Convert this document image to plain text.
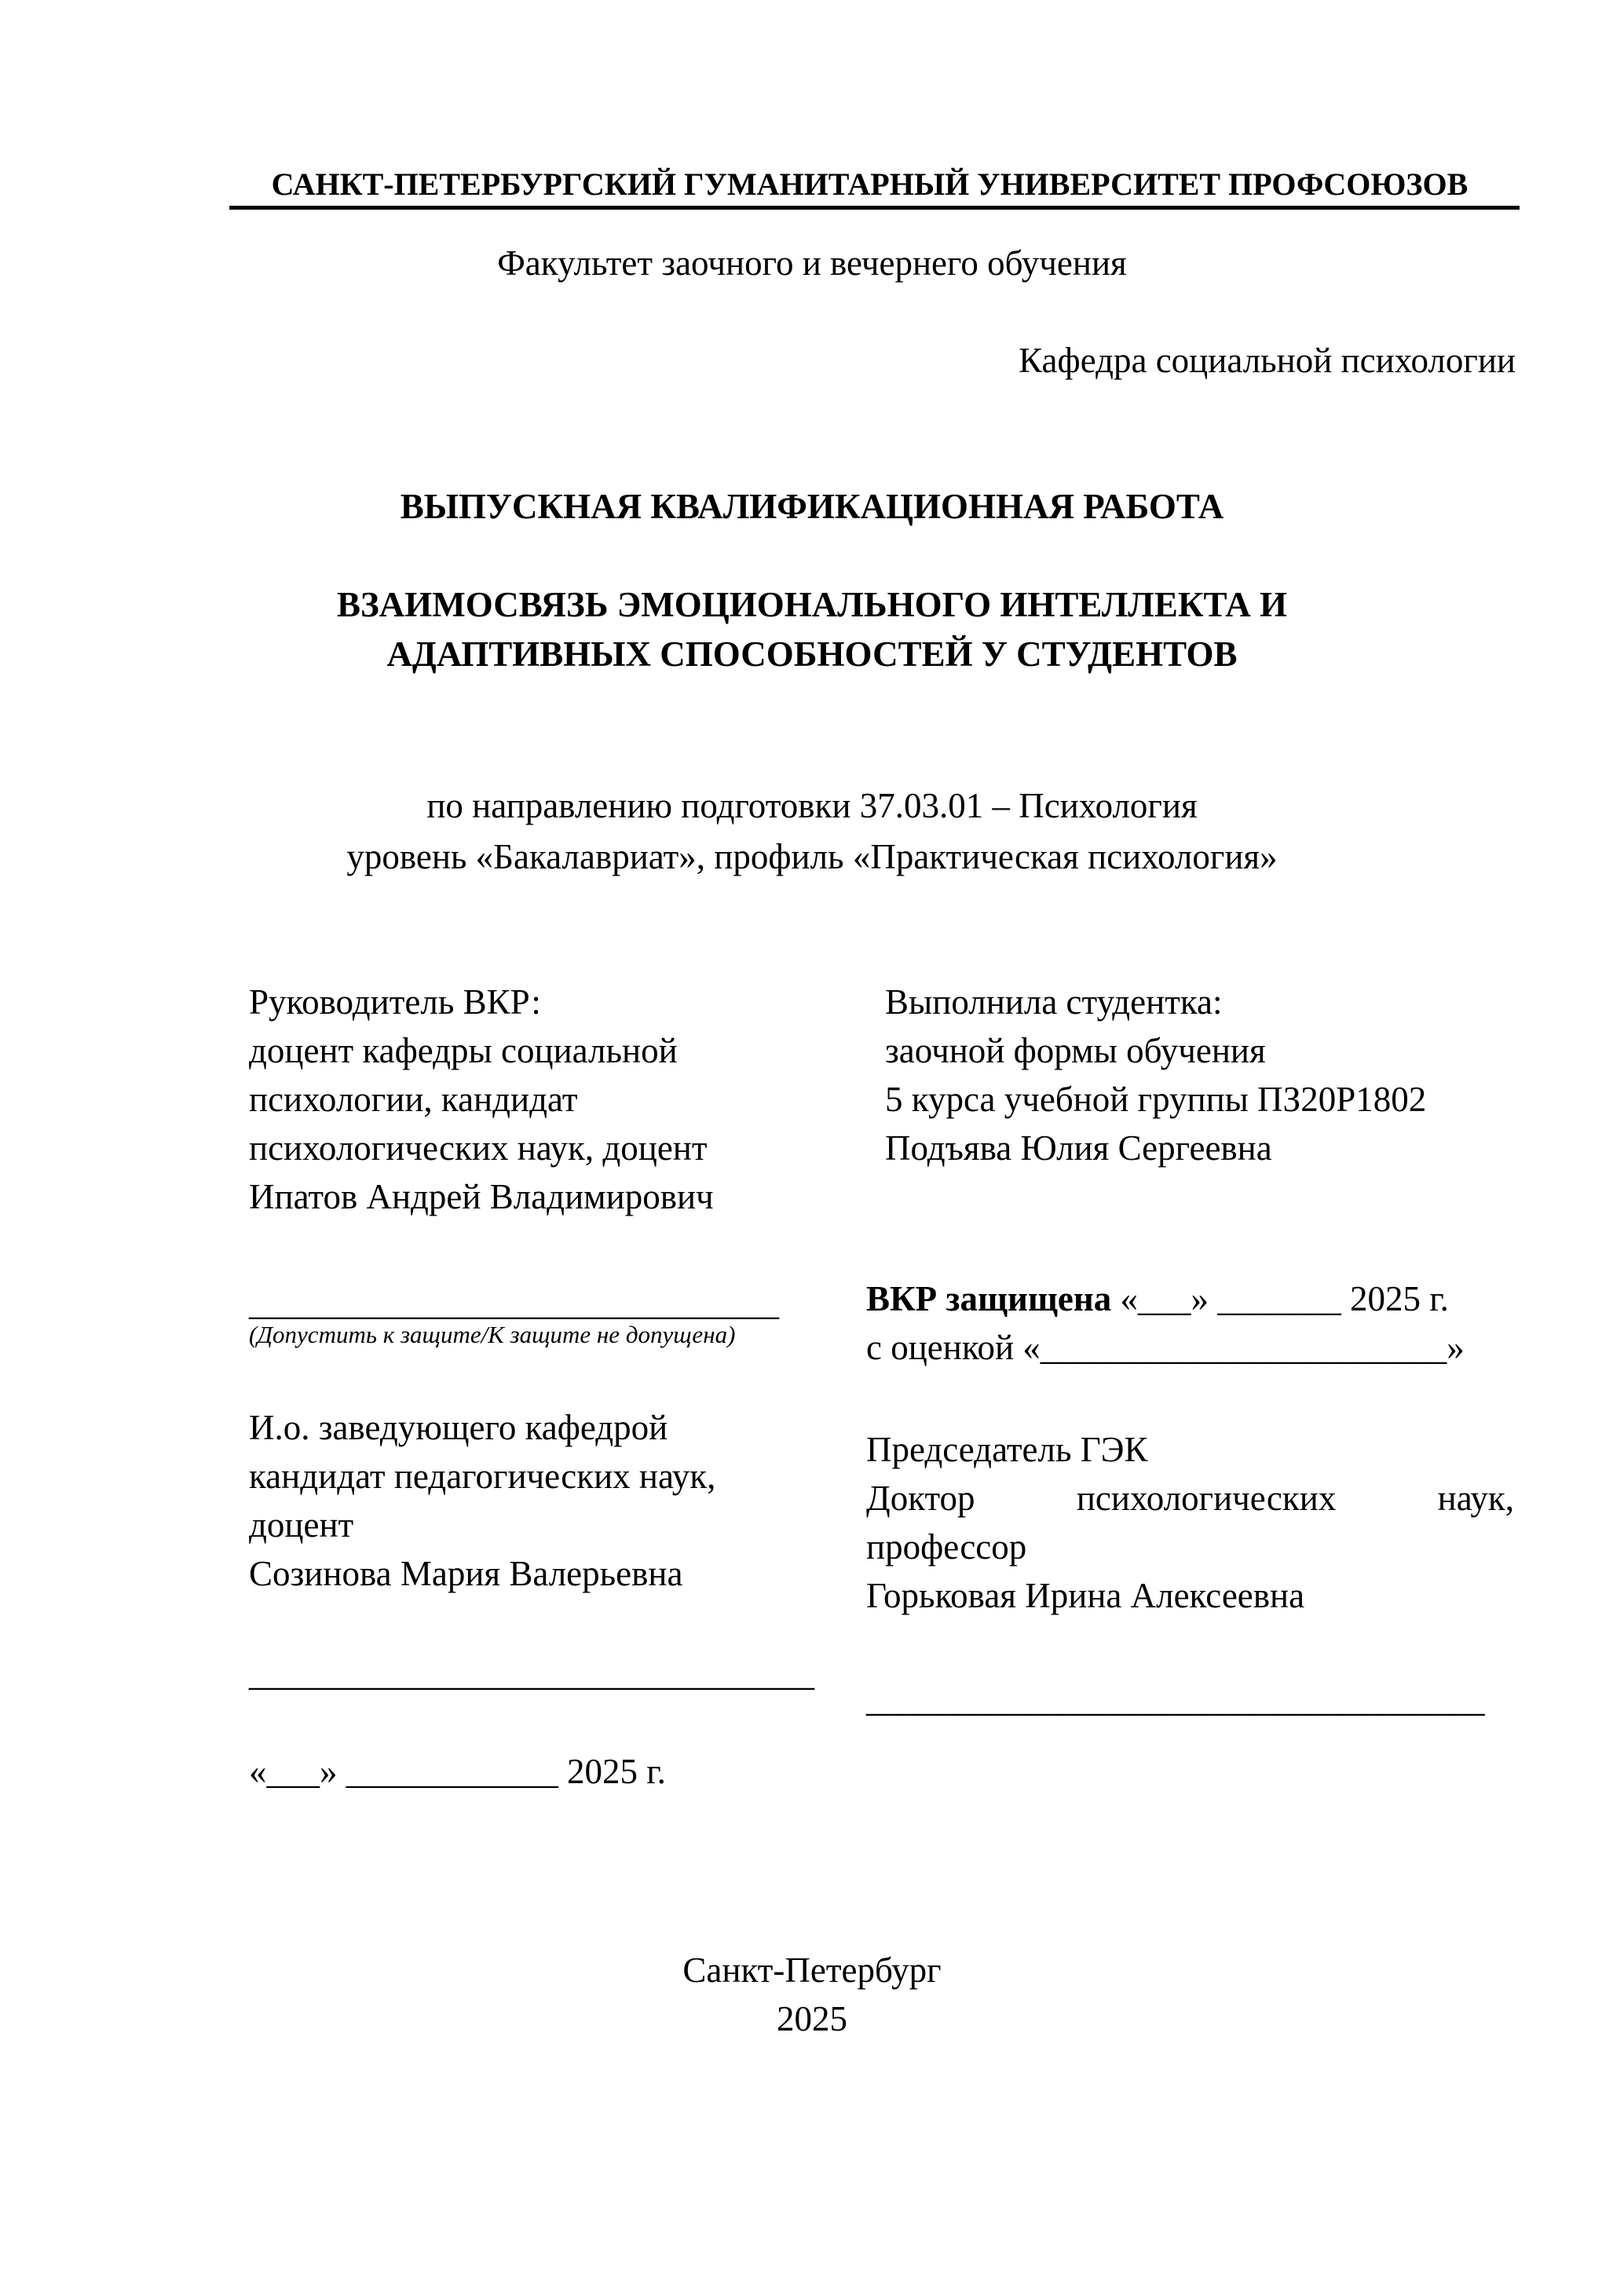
САНКТ-ПЕТЕРБУРГСКИЙ ГУМАНИТАРНЫЙ УНИВЕРСИТЕТ ПРОФСОЮЗОВ
Факультет заочного и вечернего обучения
Кафедра социальной психологии
ВЫПУСКНАЯ КВАЛИФИКАЦИОННАЯ РАБОТА
ВЗАИМОСВЯЗЬ ЭМОЦИОНАЛЬНОГО ИНТЕЛЛЕКТА И
АДАПТИВНЫХ СПОСОБНОСТЕЙ У СТУДЕНТОВ
по направлению подготовки 37.03.01 – Психология
уровень «Бакалавриат», профиль «Практическая психология»
Руководитель ВКР:
доцент кафедры социальной
психологии, кандидат
психологических наук, доцент
Ипатов Андрей Владимирович
Выполнила студентка:
заочной формы обучения
5 курса учебной группы ПЗ20Р1802
Подъява Юлия Сергеевна
______________________________
(Допустить к защите/К защите не допущена)
ВКР защищена «___» _______ 2025 г.
с оценкой «_______________________»
И.о. заведующего кафедрой
кандидат педагогических наук,
доцент
Созинова Мария Валерьевна
________________________________
«___» ____________ 2025 г.
Председатель ГЭК
Доктор	психологических	наук,
профессор
Горьковая Ирина Алексеевна
___________________________________
Санкт-Петербург
2025
